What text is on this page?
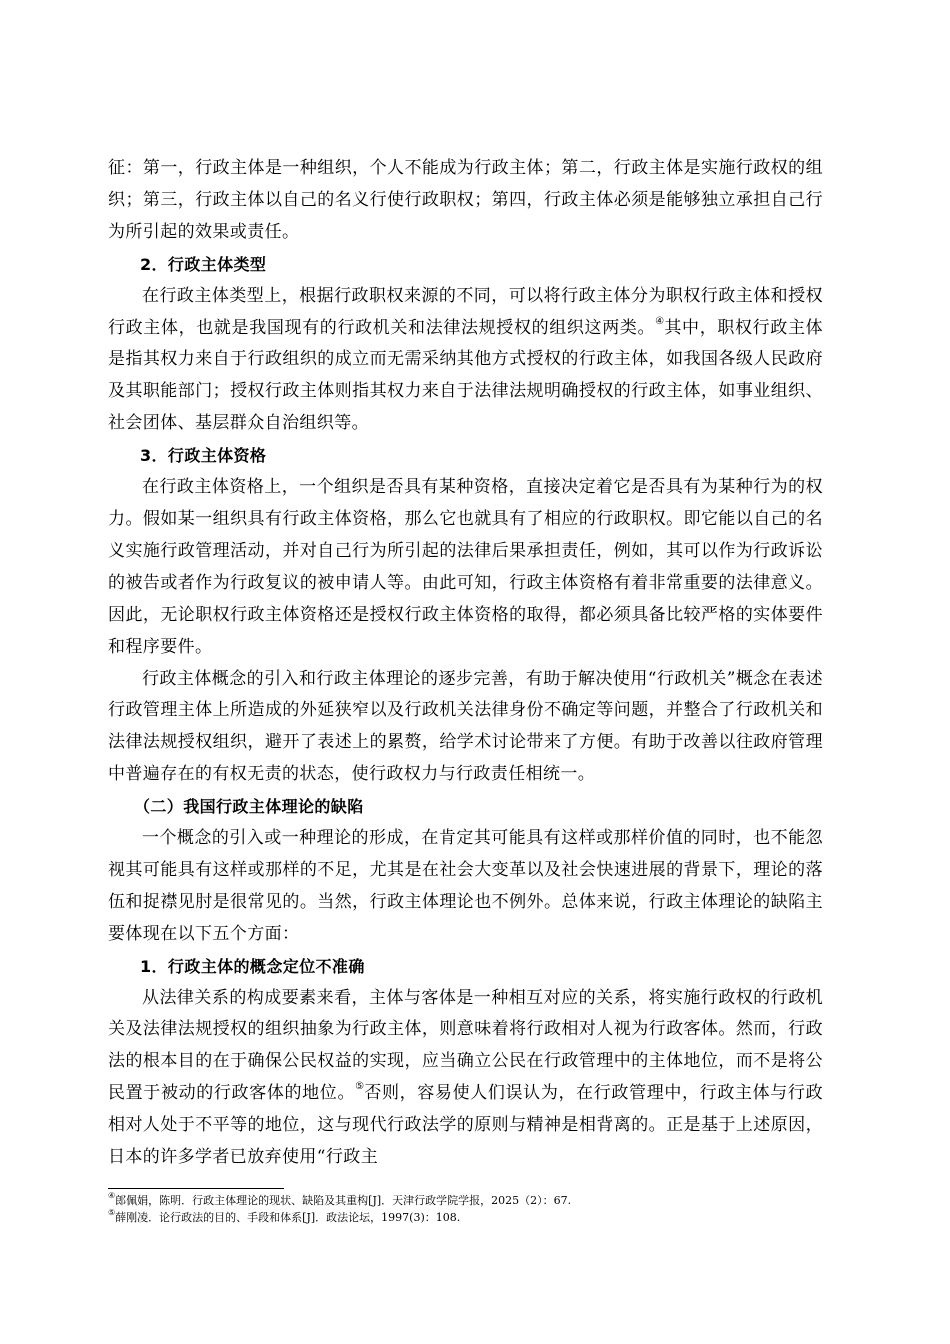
征：第一，行政主体是一种组织，个人不能成为行政主体；第二，行政主体是实施行政权的组织；第三，行政主体以自己的名义行使行政职权；第四，行政主体必须是能够独立承担自己行为所引起的效果或责任。

2．行政主体类型

在行政主体类型上，根据行政职权来源的不同，可以将行政主体分为职权行政主体和授权行政主体，也就是我国现有的行政机关和法律法规授权的组织这两类。④其中，职权行政主体是指其权力来自于行政组织的成立而无需采纳其他方式授权的行政主体，如我国各级人民政府及其职能部门；授权行政主体则指其权力来自于法律法规明确授权的行政主体，如事业组织、社会团体、基层群众自治组织等。

3．行政主体资格

在行政主体资格上，一个组织是否具有某种资格，直接决定着它是否具有为某种行为的权力。假如某一组织具有行政主体资格，那么它也就具有了相应的行政职权。即它能以自己的名义实施行政管理活动，并对自己行为所引起的法律后果承担责任，例如，其可以作为行政诉讼的被告或者作为行政复议的被申请人等。由此可知，行政主体资格有着非常重要的法律意义。因此，无论职权行政主体资格还是授权行政主体资格的取得，都必须具备比较严格的实体要件和程序要件。

行政主体概念的引入和行政主体理论的逐步完善，有助于解决使用“行政机关”概念在表述行政管理主体上所造成的外延狭窄以及行政机关法律身份不确定等问题，并整合了行政机关和法律法规授权组织，避开了表述上的累赘，给学术讨论带来了方便。有助于改善以往政府管理中普遍存在的有权无责的状态，使行政权力与行政责任相统一。

（二）我国行政主体理论的缺陷

一个概念的引入或一种理论的形成，在肯定其可能具有这样或那样价值的同时，也不能忽视其可能具有这样或那样的不足，尤其是在社会大变革以及社会快速进展的背景下，理论的落伍和捉襟见肘是很常见的。当然，行政主体理论也不例外。总体来说，行政主体理论的缺陷主要体现在以下五个方面：

1．行政主体的概念定位不准确

从法律关系的构成要素来看，主体与客体是一种相互对应的关系，将实施行政权的行政机关及法律法规授权的组织抽象为行政主体，则意味着将行政相对人视为行政客体。然而，行政法的根本目的在于确保公民权益的实现，应当确立公民在行政管理中的主体地位，而不是将公民置于被动的行政客体的地位。⑤否则，容易使人们误认为，在行政管理中，行政主体与行政相对人处于不平等的地位，这与现代行政法学的原则与精神是相背离的。正是基于上述原因，日本的许多学者已放弃使用“行政主

④郎佩娟，陈明．行政主体理论的现状、缺陷及其重构[J]．天津行政学院学报，2025（2）：67.
⑤薛刚凌．论行政法的目的、手段和体系[J]．政法论坛，1997(3)：108.
